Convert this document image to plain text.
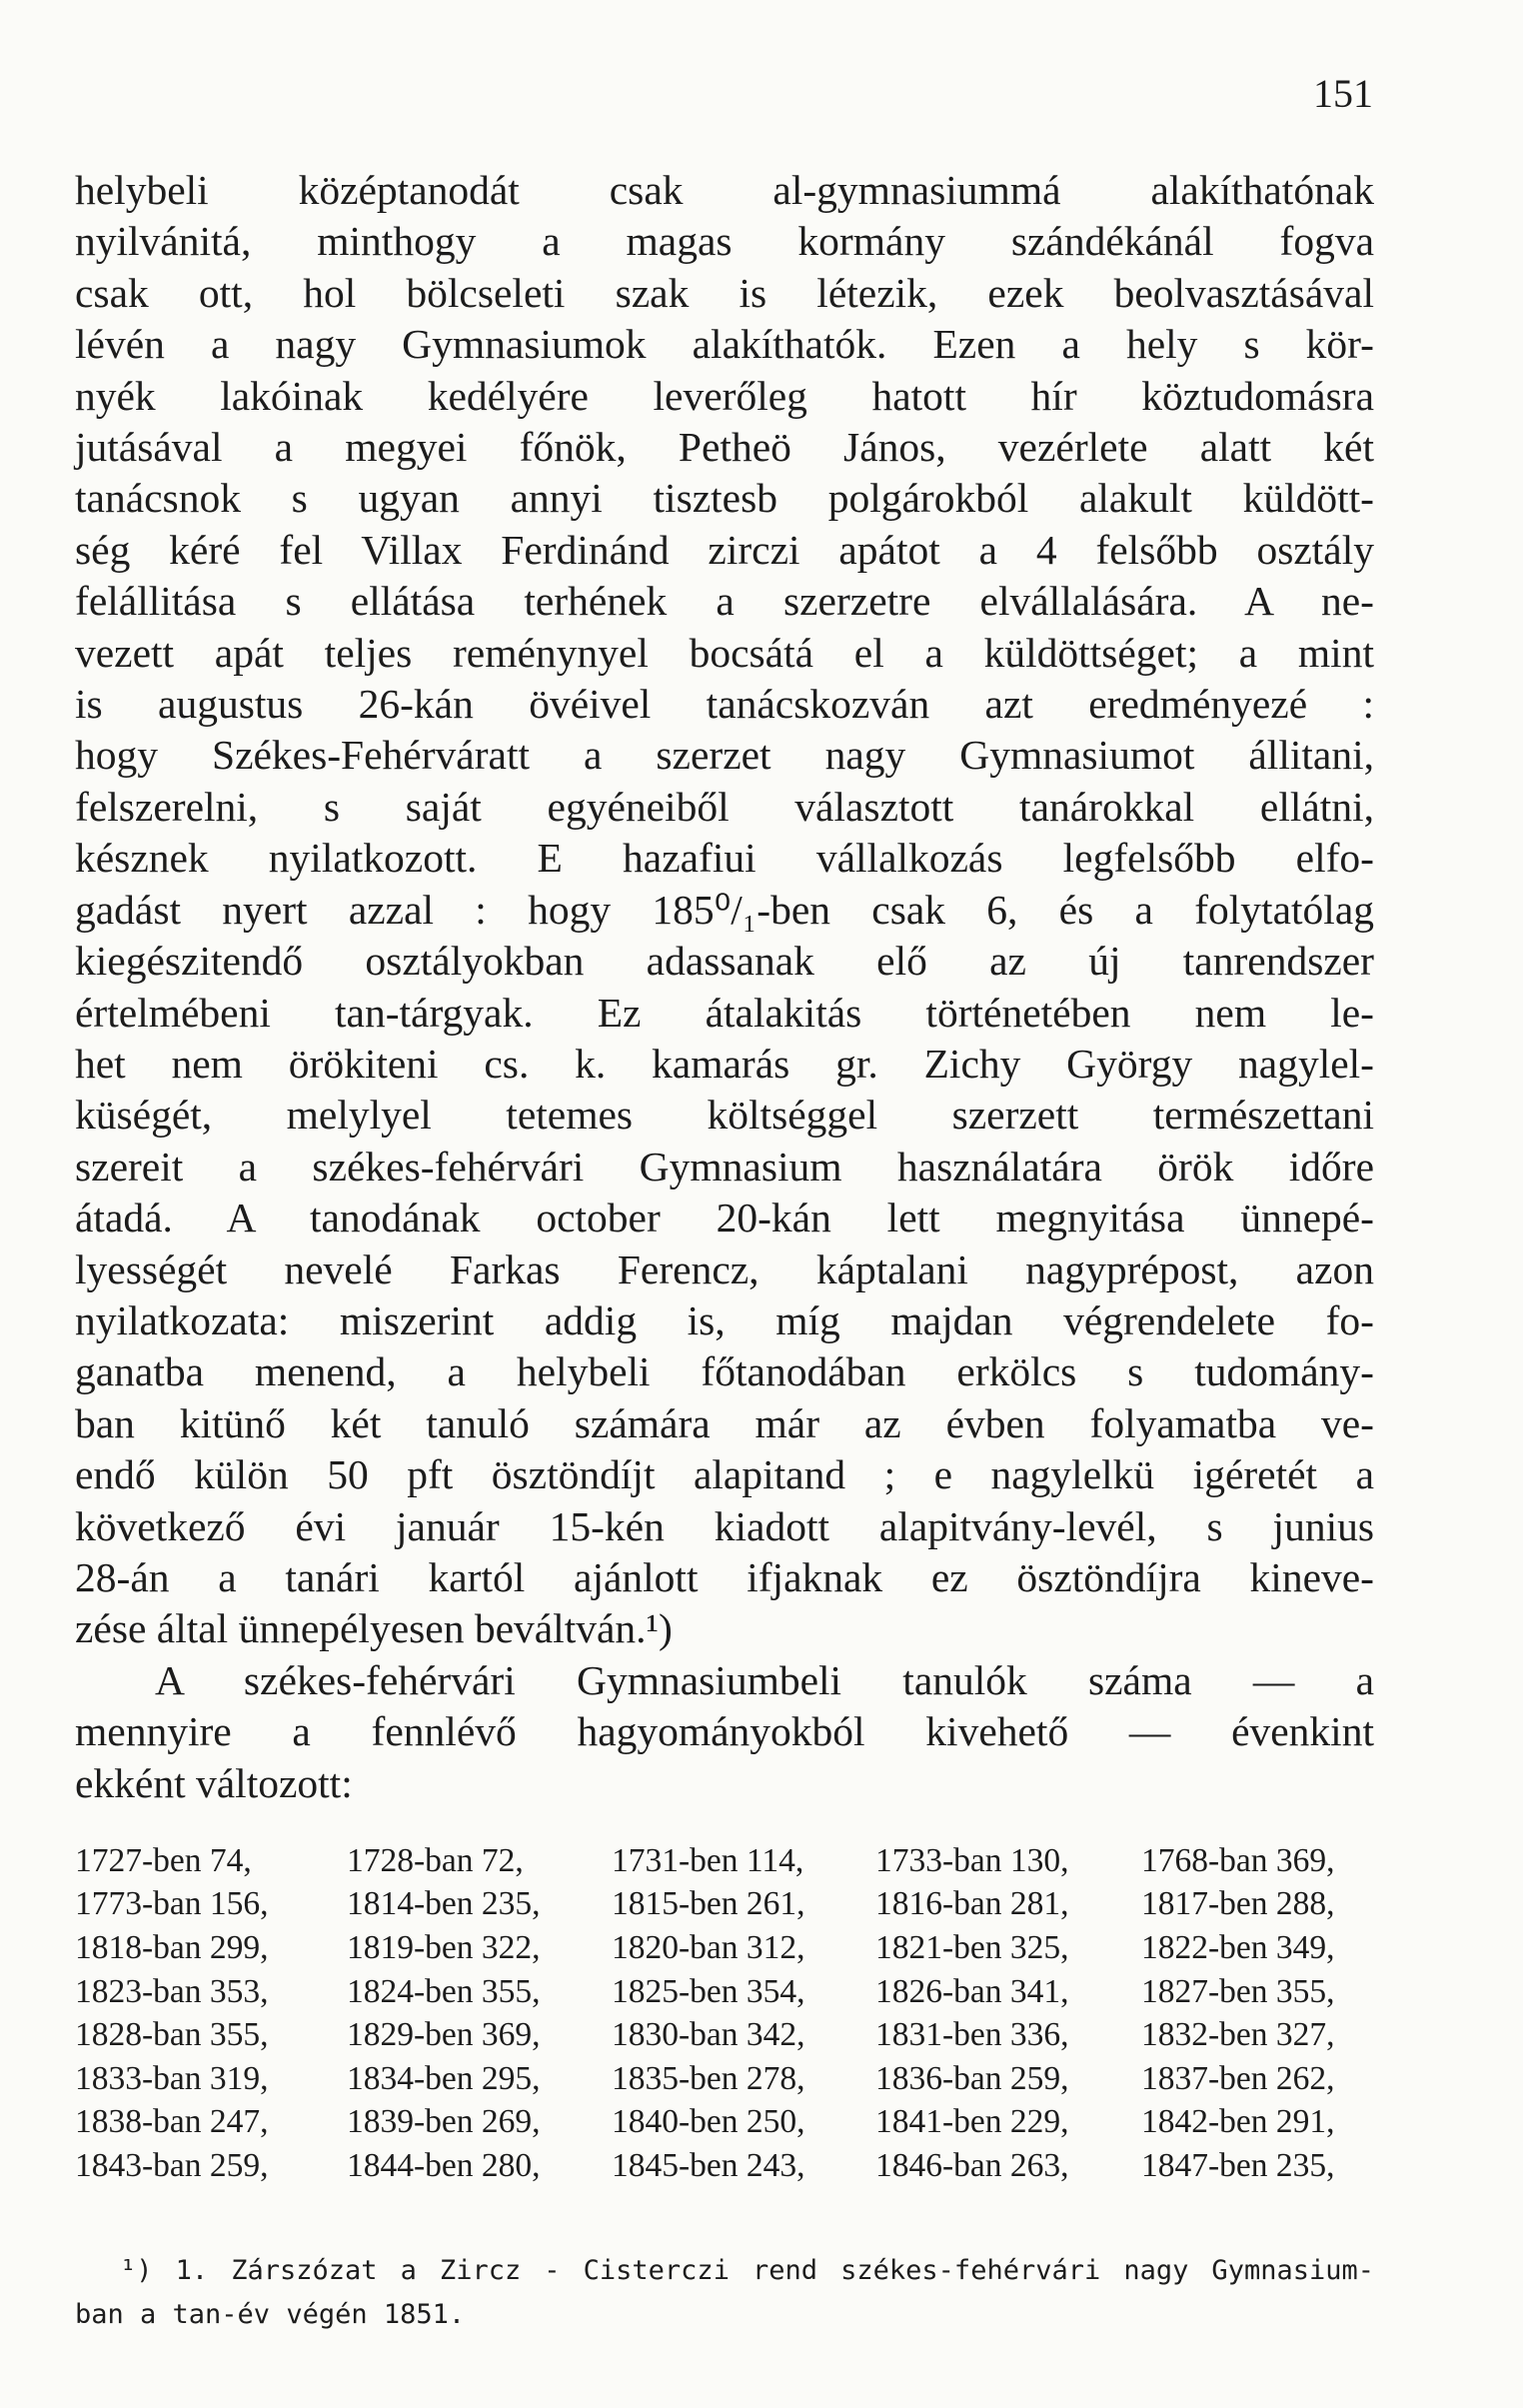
151
helybeli középtanodát csak al-gymnasiummá alakíthatónak
nyilvánitá, minthogy a magas kormány szándékánál fogva
csak ott, hol bölcseleti szak is létezik, ezek beolvasztásával
lévén a nagy Gymnasiumok alakíthatók. Ezen a hely s kör-
nyék lakóinak kedélyére leverőleg hatott hír köztudomásra
jutásával a megyei főnök, Petheö János, vezérlete alatt két
tanácsnok s ugyan annyi tisztesb polgárokból alakult küldött-
ség kéré fel Villax Ferdinánd zirczi apátot a 4 felsőbb osztály
felállitása s ellátása terhének a szerzetre elvállalására. A ne-
vezett apát teljes reménynyel bocsátá el a küldöttséget; a mint
is augustus 26-kán övéivel tanácskozván azt eredményezé :
hogy Székes-Fehérváratt a szerzet nagy Gymnasiumot állitani,
felszerelni, s saját egyéneiből választott tanárokkal ellátni,
késznek nyilatkozott. E hazafiui vállalkozás legfelsőbb elfo-
gadást nyert azzal : hogy 185⁰/₁-ben csak 6, és a folytatólag
kiegészitendő osztályokban adassanak elő az új tanrendszer
értelmébeni tan-tárgyak. Ez átalakitás történetében nem le-
het nem örökiteni cs. k. kamarás gr. Zichy György nagylel-
küségét, melylyel tetemes költséggel szerzett természettani
szereit a székes-fehérvári Gymnasium használatára örök időre
átadá. A tanodának october 20-kán lett megnyitása ünnepé-
lyességét nevelé Farkas Ferencz, káptalani nagyprépost, azon
nyilatkozata: miszerint addig is, míg majdan végrendelete fo-
ganatba menend, a helybeli főtanodában erkölcs s tudomány-
ban kitünő két tanuló számára már az évben folyamatba ve-
endő külön 50 pft ösztöndíjt alapitand ; e nagylelkü igéretét a
következő évi január 15-kén kiadott alapitvány-levél, s junius
28-án a tanári kartól ajánlott ifjaknak ez ösztöndíjra kineve-
zése által ünnepélyesen beváltván.¹)
A székes-fehérvári Gymnasiumbeli tanulók száma — a
mennyire a fennlévő hagyományokból kivehető — évenkint
ekként változott:
1727-ben 74,	1728-ban 72,	1731-ben 114,	1733-ban 130,	1768-ban 369,
1773-ban 156,	1814-ben 235,	1815-ben 261,	1816-ban 281,	1817-ben 288,
1818-ban 299,	1819-ben 322,	1820-ban 312,	1821-ben 325,	1822-ben 349,
1823-ban 353,	1824-ben 355,	1825-ben 354,	1826-ban 341,	1827-ben 355,
1828-ban 355,	1829-ben 369,	1830-ban 342,	1831-ben 336,	1832-ben 327,
1833-ban 319,	1834-ben 295,	1835-ben 278,	1836-ban 259,	1837-ben 262,
1838-ban 247,	1839-ben 269,	1840-ben 250,	1841-ben 229,	1842-ben 291,
1843-ban 259,	1844-ben 280,	1845-ben 243,	1846-ban 263,	1847-ben 235,
¹) 1. Zárszózat a Zircz - Cisterczi rend székes-fehérvári nagy Gymnasium-
ban a tan-év végén 1851.
